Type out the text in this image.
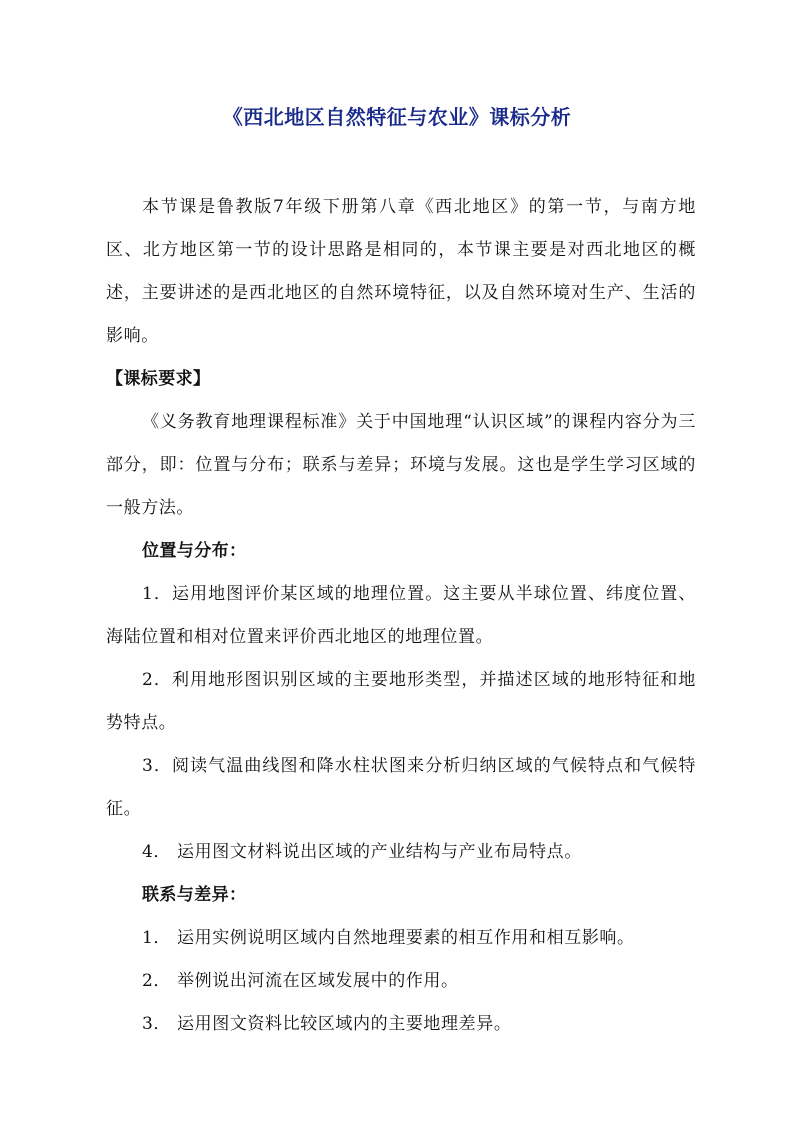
《西北地区自然特征与农业》课标分析

本节课是鲁教版7年级下册第八章《西北地区》的第一节，与南方地区、北方地区第一节的设计思路是相同的，本节课主要是对西北地区的概述，主要讲述的是西北地区的自然环境特征，以及自然环境对生产、生活的影响。

【课标要求】

《义务教育地理课程标准》关于中国地理“认识区域”的课程内容分为三部分，即：位置与分布；联系与差异；环境与发展。这也是学生学习区域的一般方法。

位置与分布：

1．运用地图评价某区域的地理位置。这主要从半球位置、纬度位置、海陆位置和相对位置来评价西北地区的地理位置。

2．利用地形图识别区域的主要地形类型，并描述区域的地形特征和地势特点。

3．阅读气温曲线图和降水柱状图来分析归纳区域的气候特点和气候特征。

4． 运用图文材料说出区域的产业结构与产业布局特点。

联系与差异：

1． 运用实例说明区域内自然地理要素的相互作用和相互影响。

2． 举例说出河流在区域发展中的作用。

3． 运用图文资料比较区域内的主要地理差异。
